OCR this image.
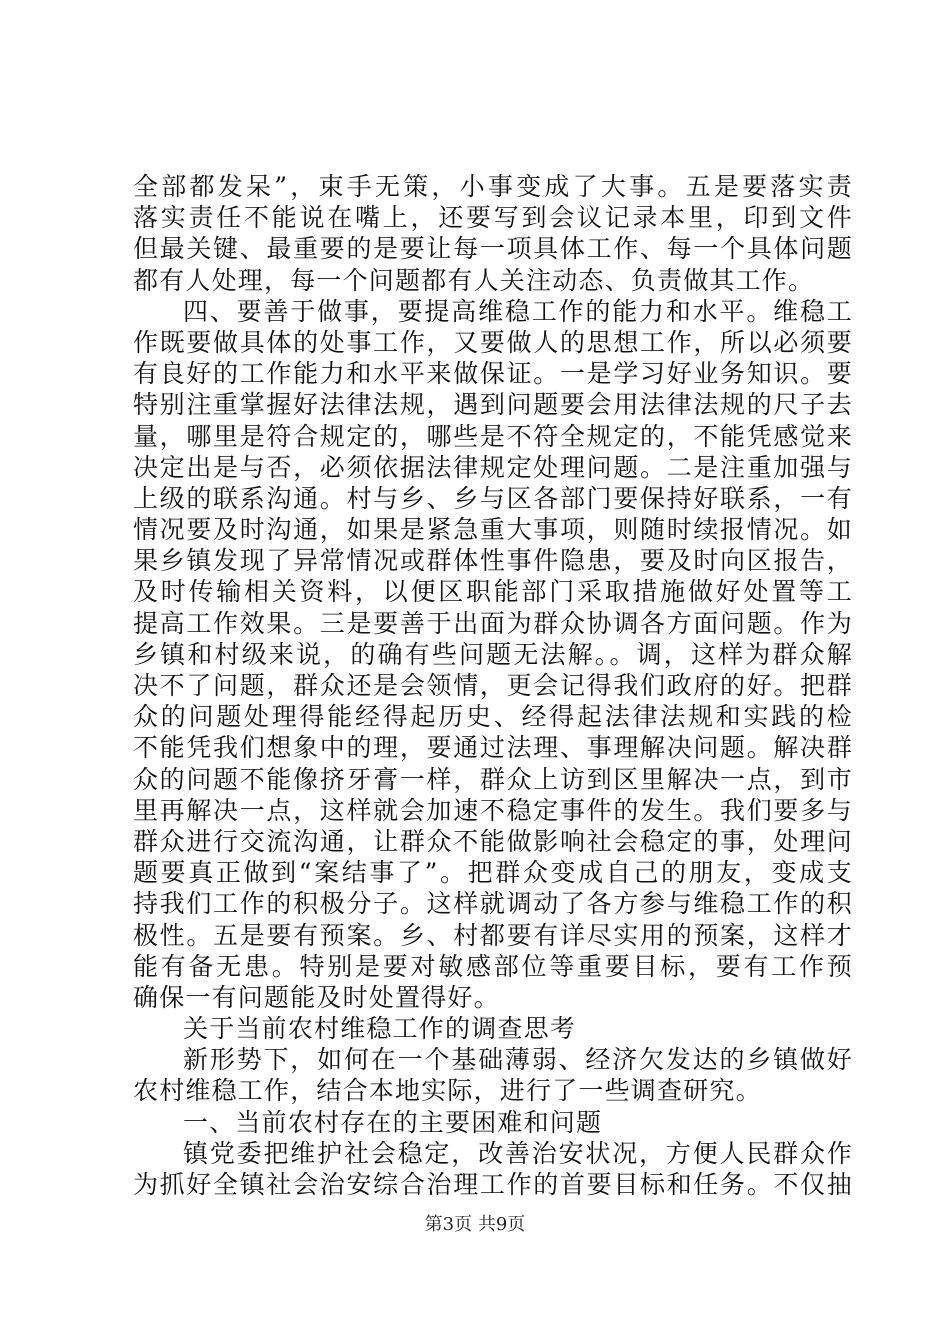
全部都发呆”，束手无策，小事变成了大事。五是要落实责
落实责任不能说在嘴上，还要写到会议记录本里，印到文件
但最关键、最重要的是要让每一项具体工作、每一个具体问题
都有人处理，每一个问题都有人关注动态、负责做其工作。
四、要善于做事，要提高维稳工作的能力和水平。维稳工
作既要做具体的处事工作，又要做人的思想工作，所以必须要
有良好的工作能力和水平来做保证。一是学习好业务知识。要
特别注重掌握好法律法规，遇到问题要会用法律法规的尺子去
量，哪里是符合规定的，哪些是不符全规定的，不能凭感觉来
决定出是与否，必须依据法律规定处理问题。二是注重加强与
上级的联系沟通。村与乡、乡与区各部门要保持好联系，一有
情况要及时沟通，如果是紧急重大事项，则随时续报情况。如
果乡镇发现了异常情况或群体性事件隐患，要及时向区报告，
及时传输相关资料，以便区职能部门采取措施做好处置等工
提高工作效果。三是要善于出面为群众协调各方面问题。作为
乡镇和村级来说，的确有些问题无法解。。调，这样为群众解
决不了问题，群众还是会领情，更会记得我们政府的好。把群
众的问题处理得能经得起历史、经得起法律法规和实践的检
不能凭我们想象中的理，要通过法理、事理解决问题。解决群
众的问题不能像挤牙膏一样，群众上访到区里解决一点，到市
里再解决一点，这样就会加速不稳定事件的发生。我们要多与
群众进行交流沟通，让群众不能做影响社会稳定的事，处理问
题要真正做到“案结事了”。把群众变成自己的朋友，变成支
持我们工作的积极分子。这样就调动了各方参与维稳工作的积
极性。五是要有预案。乡、村都要有详尽实用的预案，这样才
能有备无患。特别是要对敏感部位等重要目标，要有工作预
确保一有问题能及时处置得好。
关于当前农村维稳工作的调查思考
新形势下，如何在一个基础薄弱、经济欠发达的乡镇做好
农村维稳工作，结合本地实际，进行了一些调查研究。
一、当前农村存在的主要困难和问题
镇党委把维护社会稳定，改善治安状况，方便人民群众作
为抓好全镇社会治安综合治理工作的首要目标和任务。不仅抽
第3页 共9页
